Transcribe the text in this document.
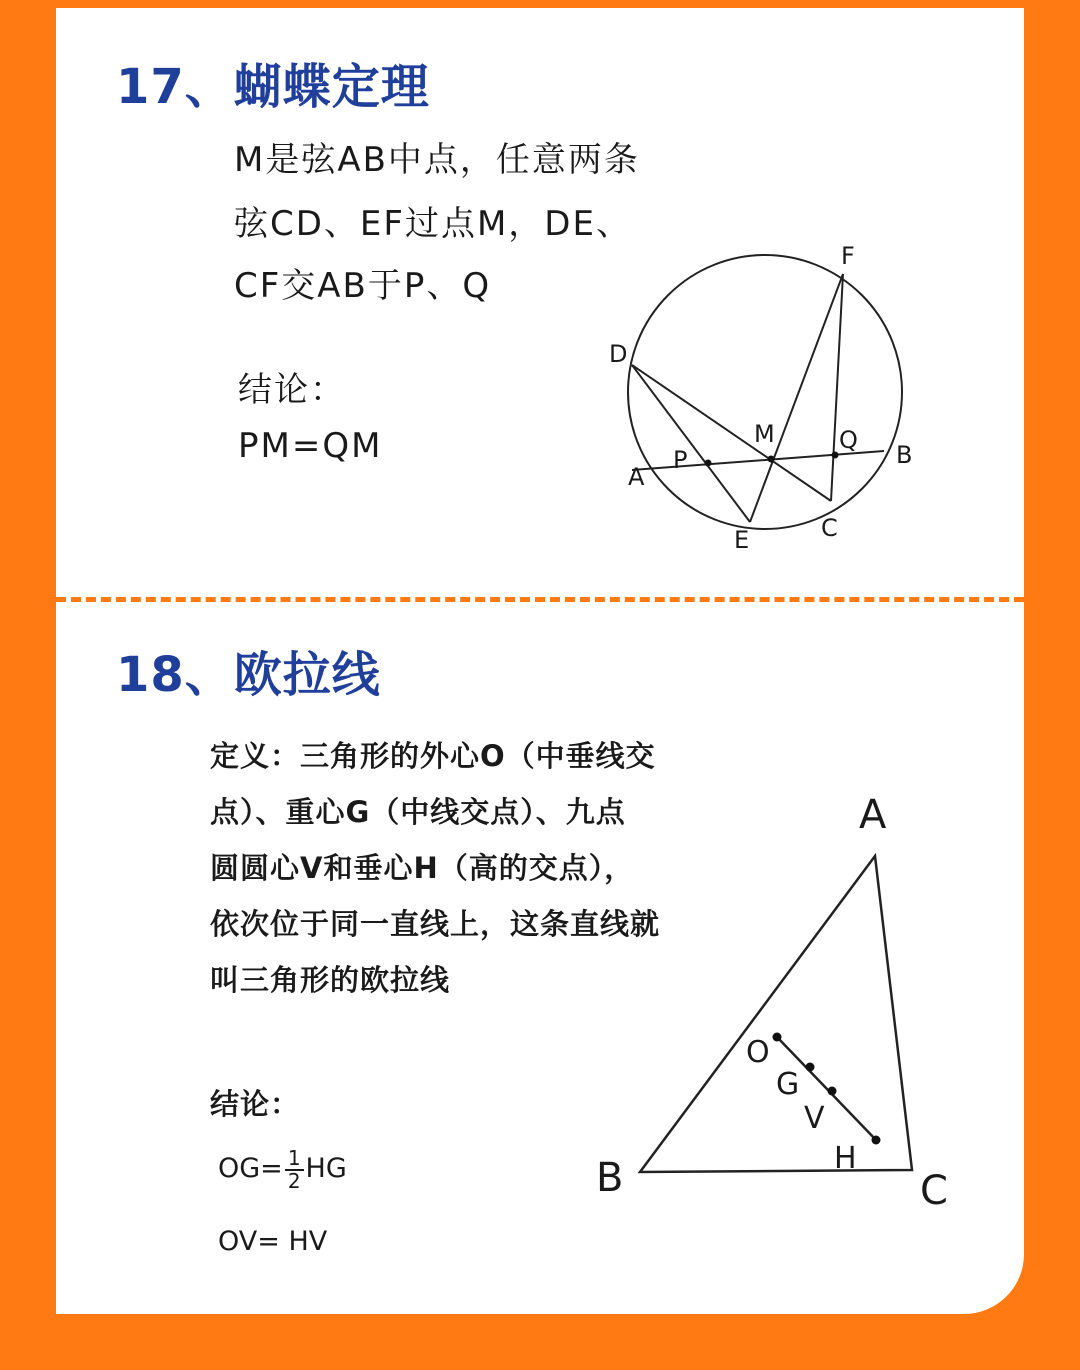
17、蝴蝶定理

M是弦AB中点，任意两条

弦CD、EF过点M，DE、

CF交AB于P、Q

结论：

PM=QM

A
B
C
D
E
F
M
P
Q
18、欧拉线

定义：三角形的外心O（中垂线交

点）、重心G（中线交点）、九点

圆圆心V和垂心H（高的交点），

依次位于同一直线上，这条直线就

叫三角形的欧拉线

结论：

$OG= \frac{1}{2}$ HG

OV= HV

A
B	C
O
G
V
H
